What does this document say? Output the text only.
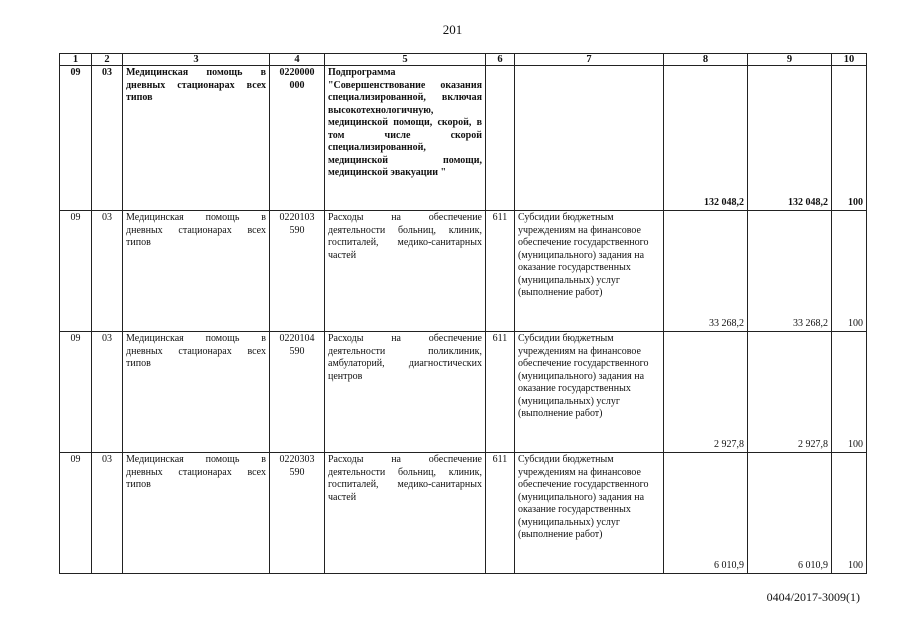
201
1	2	3	4	5	6	7	8	9	10
09	03	Медицинская помощь в дневных стационарах всех типов	0220000 000	Подпрограмма "Совершенствование оказания специализированной, включая высокотехнологичную, медицинской помощи, скорой, в том числе скорой специализированной, медицинской помощи, медицинской эвакуации "			132 048,2	132 048,2	100
09	03	Медицинская помощь в дневных стационарах всех типов	0220103 590	Расходы на обеспечение деятельности больниц, клиник, госпиталей, медико-санитарных частей	611	Субсидии бюджетным учреждениям на финансовое обеспечение государственного (муниципального) задания на оказание государственных (муниципальных) услуг (выполнение работ)	33 268,2	33 268,2	100
09	03	Медицинская помощь в дневных стационарах всех типов	0220104 590	Расходы на обеспечение деятельности поликлиник, амбулаторий, диагностических центров	611	Субсидии бюджетным учреждениям на финансовое обеспечение государственного (муниципального) задания на оказание государственных (муниципальных) услуг (выполнение работ)	2 927,8	2 927,8	100
09	03	Медицинская помощь в дневных стационарах всех типов	0220303 590	Расходы на обеспечение деятельности больниц, клиник, госпиталей, медико-санитарных частей	611	Субсидии бюджетным учреждениям на финансовое обеспечение государственного (муниципального) задания на оказание государственных (муниципальных) услуг (выполнение работ)	6 010,9	6 010,9	100
0404/2017-3009(1)
